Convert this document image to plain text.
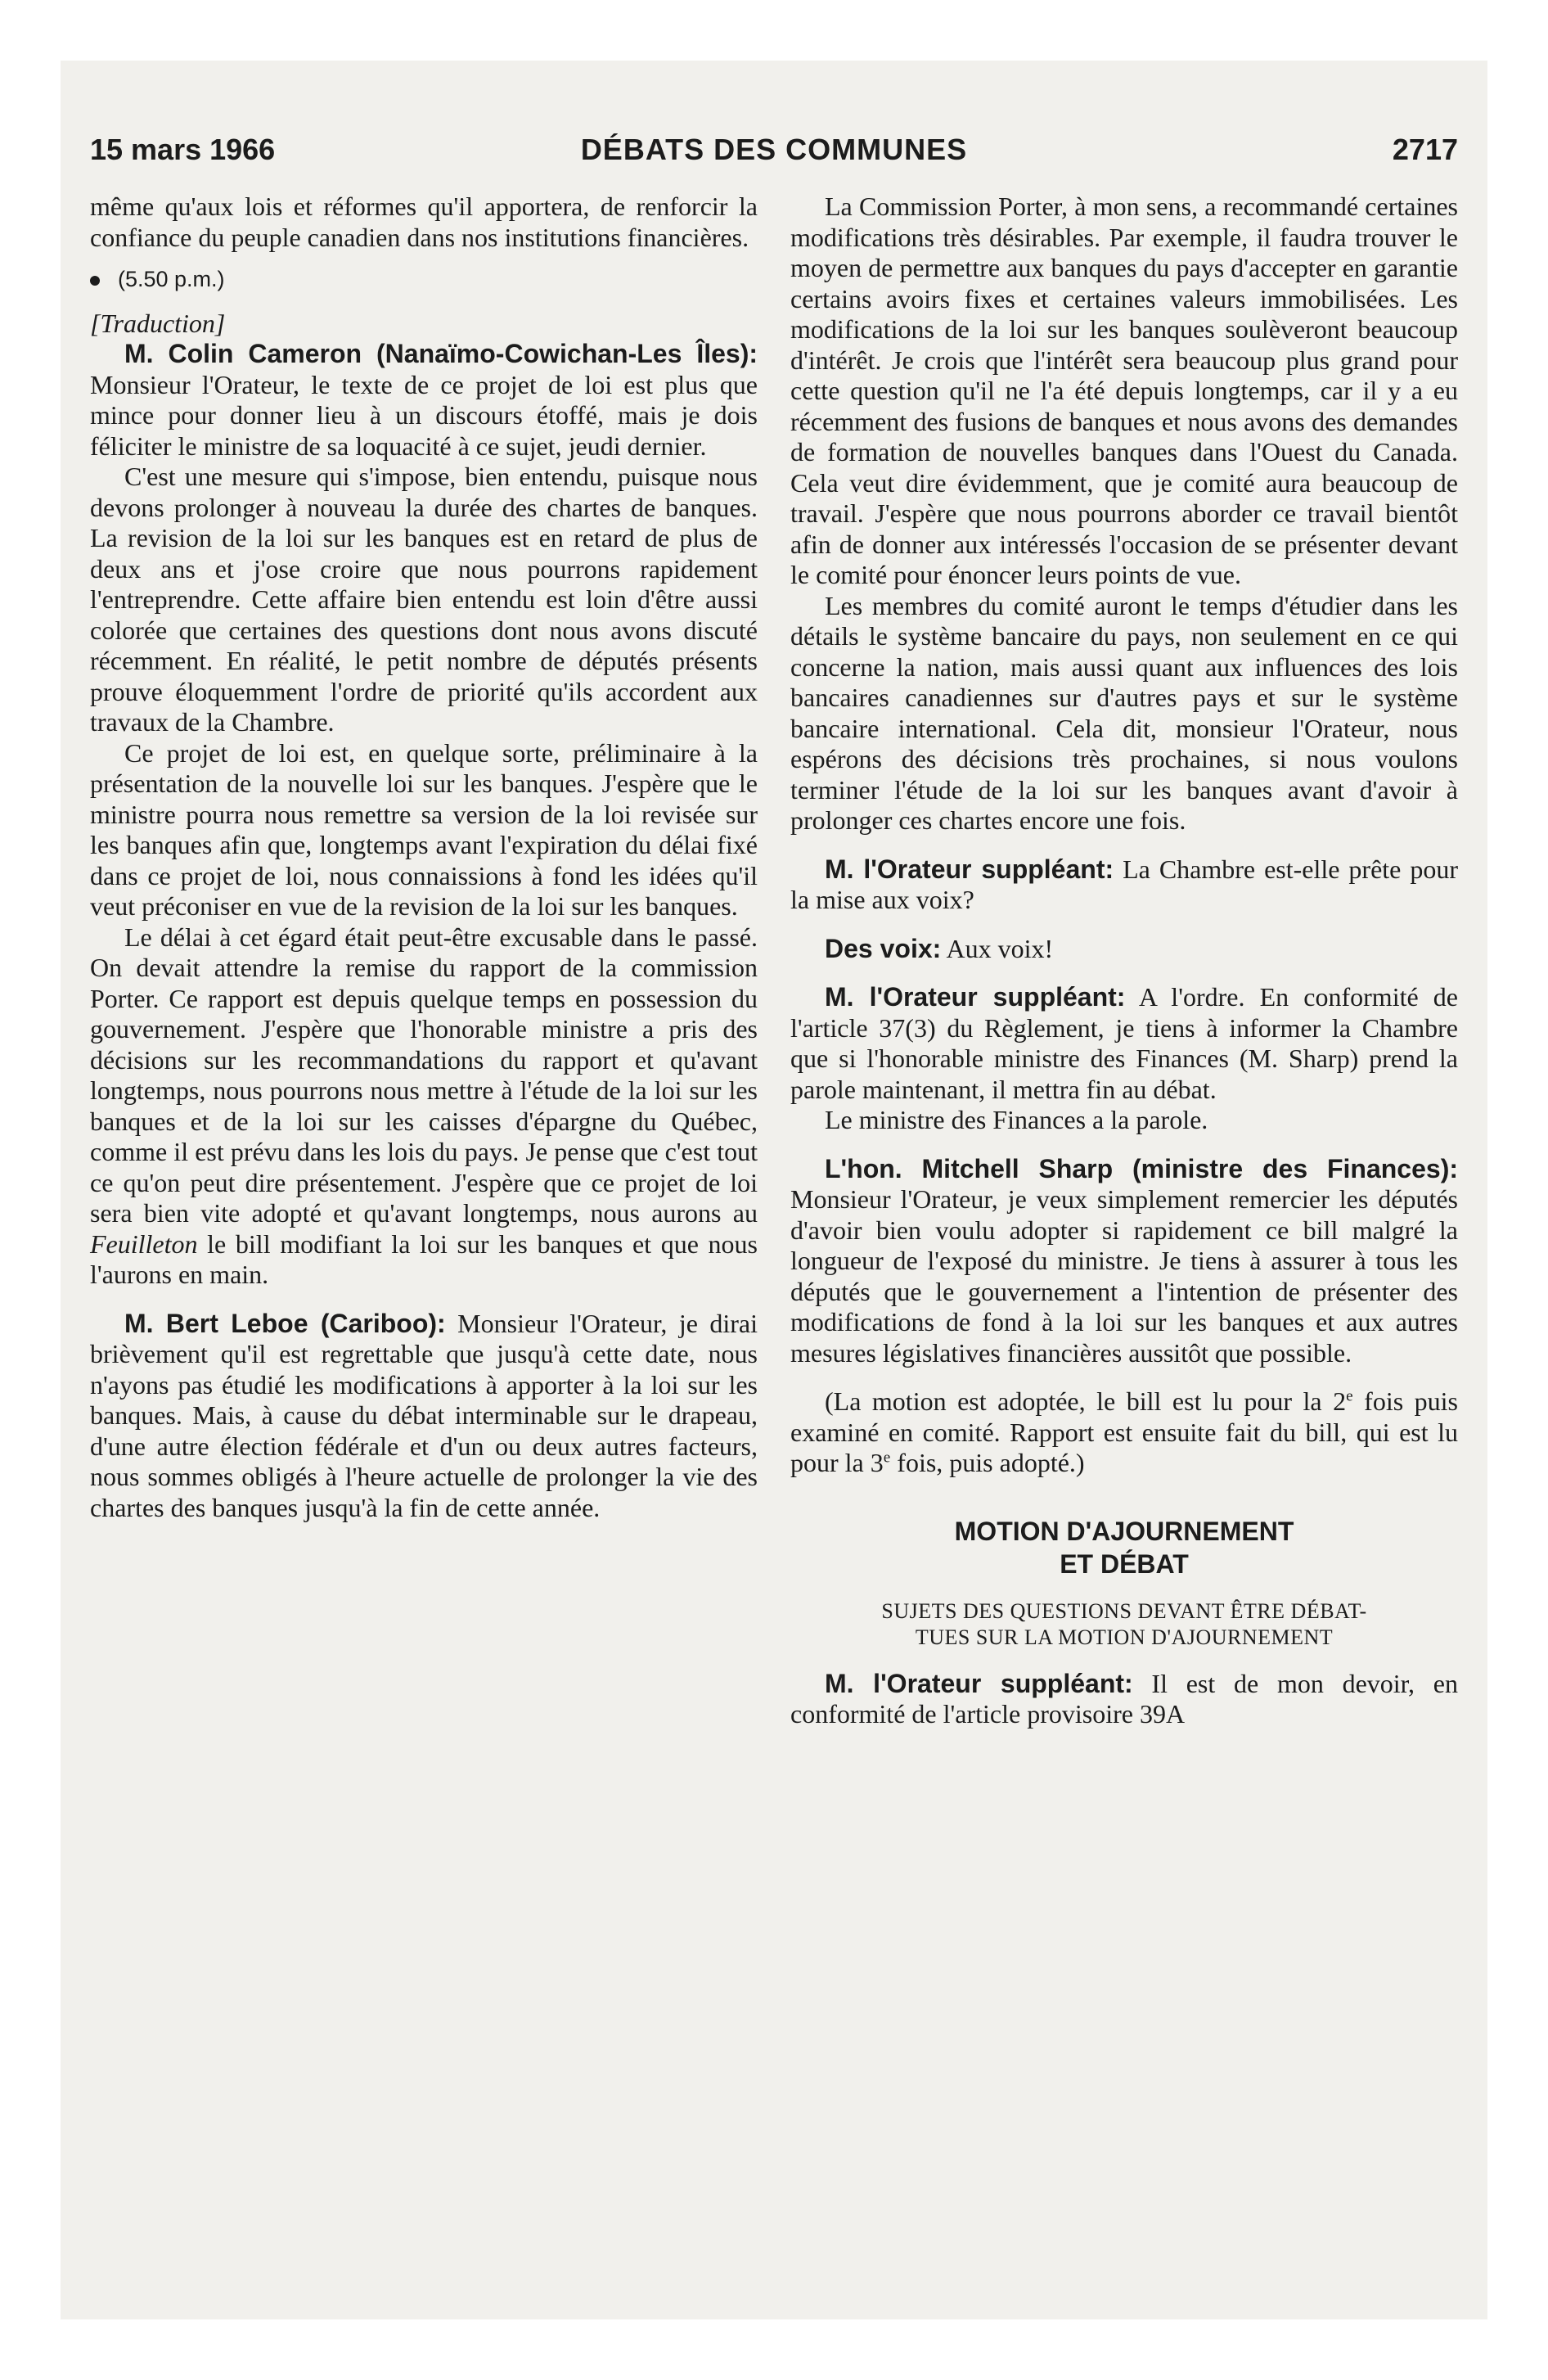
15 mars 1966	DÉBATS DES COMMUNES	2717

même qu'aux lois et réformes qu'il apportera, de renforcir la confiance du peuple canadien dans nos institutions financières.

(5.50 p.m.)

[Traduction]

M. Colin Cameron (Nanaïmo-Cowichan-Les Îles): Monsieur l'Orateur, le texte de ce projet de loi est plus que mince pour donner lieu à un discours étoffé, mais je dois féliciter le ministre de sa loquacité à ce sujet, jeudi dernier.

C'est une mesure qui s'impose, bien entendu, puisque nous devons prolonger à nouveau la durée des chartes de banques. La revision de la loi sur les banques est en retard de plus de deux ans et j'ose croire que nous pourrons rapidement l'entreprendre. Cette affaire bien entendu est loin d'être aussi colorée que certaines des questions dont nous avons discuté récemment. En réalité, le petit nombre de députés présents prouve éloquemment l'ordre de priorité qu'ils accordent aux travaux de la Chambre.

Ce projet de loi est, en quelque sorte, préliminaire à la présentation de la nouvelle loi sur les banques. J'espère que le ministre pourra nous remettre sa version de la loi revisée sur les banques afin que, longtemps avant l'expiration du délai fixé dans ce projet de loi, nous connaissions à fond les idées qu'il veut préconiser en vue de la revision de la loi sur les banques.

Le délai à cet égard était peut-être excusable dans le passé. On devait attendre la remise du rapport de la commission Porter. Ce rapport est depuis quelque temps en possession du gouvernement. J'espère que l'honorable ministre a pris des décisions sur les recommandations du rapport et qu'avant longtemps, nous pourrons nous mettre à l'étude de la loi sur les banques et de la loi sur les caisses d'épargne du Québec, comme il est prévu dans les lois du pays. Je pense que c'est tout ce qu'on peut dire présentement. J'espère que ce projet de loi sera bien vite adopté et qu'avant longtemps, nous aurons au Feuilleton le bill modifiant la loi sur les banques et que nous l'aurons en main.

M. Bert Leboe (Cariboo): Monsieur l'Orateur, je dirai brièvement qu'il est regrettable que jusqu'à cette date, nous n'ayons pas étudié les modifications à apporter à la loi sur les banques. Mais, à cause du débat interminable sur le drapeau, d'une autre élection fédérale et d'un ou deux autres facteurs, nous sommes obligés à l'heure actuelle de prolonger la vie des chartes des banques jusqu'à la fin de cette année.

La Commission Porter, à mon sens, a recommandé certaines modifications très désirables. Par exemple, il faudra trouver le moyen de permettre aux banques du pays d'accepter en garantie certains avoirs fixes et certaines valeurs immobilisées. Les modifications de la loi sur les banques soulèveront beaucoup d'intérêt. Je crois que l'intérêt sera beaucoup plus grand pour cette question qu'il ne l'a été depuis longtemps, car il y a eu récemment des fusions de banques et nous avons des demandes de formation de nouvelles banques dans l'Ouest du Canada. Cela veut dire évidemment, que je comité aura beaucoup de travail. J'espère que nous pourrons aborder ce travail bientôt afin de donner aux intéressés l'occasion de se présenter devant le comité pour énoncer leurs points de vue.

Les membres du comité auront le temps d'étudier dans les détails le système bancaire du pays, non seulement en ce qui concerne la nation, mais aussi quant aux influences des lois bancaires canadiennes sur d'autres pays et sur le système bancaire international. Cela dit, monsieur l'Orateur, nous espérons des décisions très prochaines, si nous voulons terminer l'étude de la loi sur les banques avant d'avoir à prolonger ces chartes encore une fois.

M. l'Orateur suppléant: La Chambre est-elle prête pour la mise aux voix?

Des voix: Aux voix!

M. l'Orateur suppléant: A l'ordre. En conformité de l'article 37(3) du Règlement, je tiens à informer la Chambre que si l'honorable ministre des Finances (M. Sharp) prend la parole maintenant, il mettra fin au débat.

Le ministre des Finances a la parole.

L'hon. Mitchell Sharp (ministre des Finances): Monsieur l'Orateur, je veux simplement remercier les députés d'avoir bien voulu adopter si rapidement ce bill malgré la longueur de l'exposé du ministre. Je tiens à assurer à tous les députés que le gouvernement a l'intention de présenter des modifications de fond à la loi sur les banques et aux autres mesures législatives financières aussitôt que possible.

(La motion est adoptée, le bill est lu pour la 2e fois puis examiné en comité. Rapport est ensuite fait du bill, qui est lu pour la 3e fois, puis adopté.)

MOTION D'AJOURNEMENT
ET DÉBAT
SUJETS DES QUESTIONS DEVANT ÊTRE DÉBAT-
TUES SUR LA MOTION D'AJOURNEMENT

M. l'Orateur suppléant: Il est de mon devoir, en conformité de l'article provisoire 39A
